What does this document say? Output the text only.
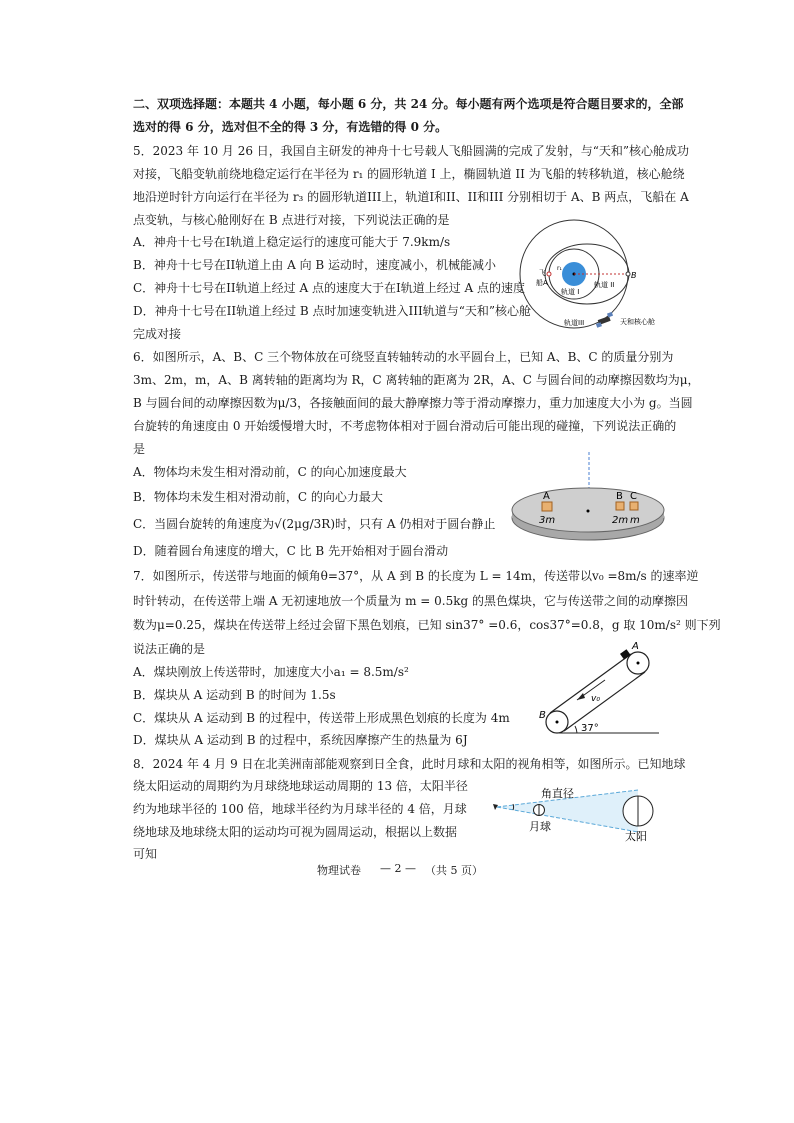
二、双项选择题：本题共 4 小题，每小题 6 分，共 24 分。每小题有两个选项是符合题目要求的，全部
选对的得 6 分，选对但不全的得 3 分，有选错的得 0 分。
5．2023 年 10 月 26 日，我国自主研发的神舟十七号载人飞船圆满的完成了发射，与“天和”核心舱成功
对接，飞船变轨前绕地稳定运行在半径为 r₁ 的圆形轨道 I 上，椭圆轨道 II 为飞船的转移轨道，核心舱绕
地沿逆时针方向运行在半径为 r₃ 的圆形轨道III上，轨道I和II、II和III 分别相切于 A、B 两点，飞船在 A
点变轨，与核心舱刚好在 B 点进行对接，下列说法正确的是
A．神舟十七号在I轨道上稳定运行的速度可能大于 7.9km/s
B．神舟十七号在II轨道上由 A 向 B 运动时，速度减小，机械能减小
C．神舟十七号在II轨道上经过 A 点的速度大于在I轨道上经过 A 点的速度
D．神舟十七号在II轨道上经过 B 点时加速变轨进入III轨道与“天和”核心舱
完成对接
飞
船A
r₁
轨道 I
轨道 II
B
轨道III	天和核心舱
6．如图所示，A、B、C 三个物体放在可绕竖直转轴转动的水平圆台上，已知 A、B、C 的质量分别为
3m、2m，m，A、B 离转轴的距离均为 R，C 离转轴的距离为 2R，A、C 与圆台间的动摩擦因数均为μ，
B 与圆台间的动摩擦因数为μ/3，各接触面间的最大静摩擦力等于滑动摩擦力，重力加速度大小为 g。当圆
台旋转的角速度由 0 开始缓慢增大时，不考虑物体相对于圆台滑动后可能出现的碰撞，下列说法正确的
是
A．物体均未发生相对滑动前，C 的向心加速度最大
B．物体均未发生相对滑动前，C 的向心力最大
C．当圆台旋转的角速度为√(2μg/3R)时，只有 A 仍相对于圆台静止
D．随着圆台角速度的增大，C 比 B 先开始相对于圆台滑动
A	B C
3m	2m m
7．如图所示，传送带与地面的倾角θ=37°，从 A 到 B 的长度为 L = 14m，传送带以v₀ =8m/s 的速率逆
时针转动，在传送带上端 A 无初速地放一个质量为 m = 0.5kg 的黑色煤块，它与传送带之间的动摩擦因
数为μ=0.25，煤块在传送带上经过会留下黑色划痕，已知 sin37° =0.6，cos37°=0.8，g 取 10m/s² 则下列
说法正确的是
A．煤块刚放上传送带时，加速度大小a₁ = 8.5m/s²
B．煤块从 A 运动到 B 的时间为 1.5s
C．煤块从 A 运动到 B 的过程中，传送带上形成黑色划痕的长度为 4m
D．煤块从 A 运动到 B 的过程中，系统因摩擦产生的热量为 6J
A
B
v₀
37°
8．2024 年 4 月 9 日在北美洲南部能观察到日全食，此时月球和太阳的视角相等，如图所示。已知地球
绕太阳运动的周期约为月球绕地球运动周期的 13 倍，太阳半径
约为地球半径的 100 倍，地球半径约为月球半径的 4 倍，月球
绕地球及地球绕太阳的运动均可视为圆周运动，根据以上数据
可知
角直径
月球
太阳
物理试卷 — 2 — （共 5 页）
